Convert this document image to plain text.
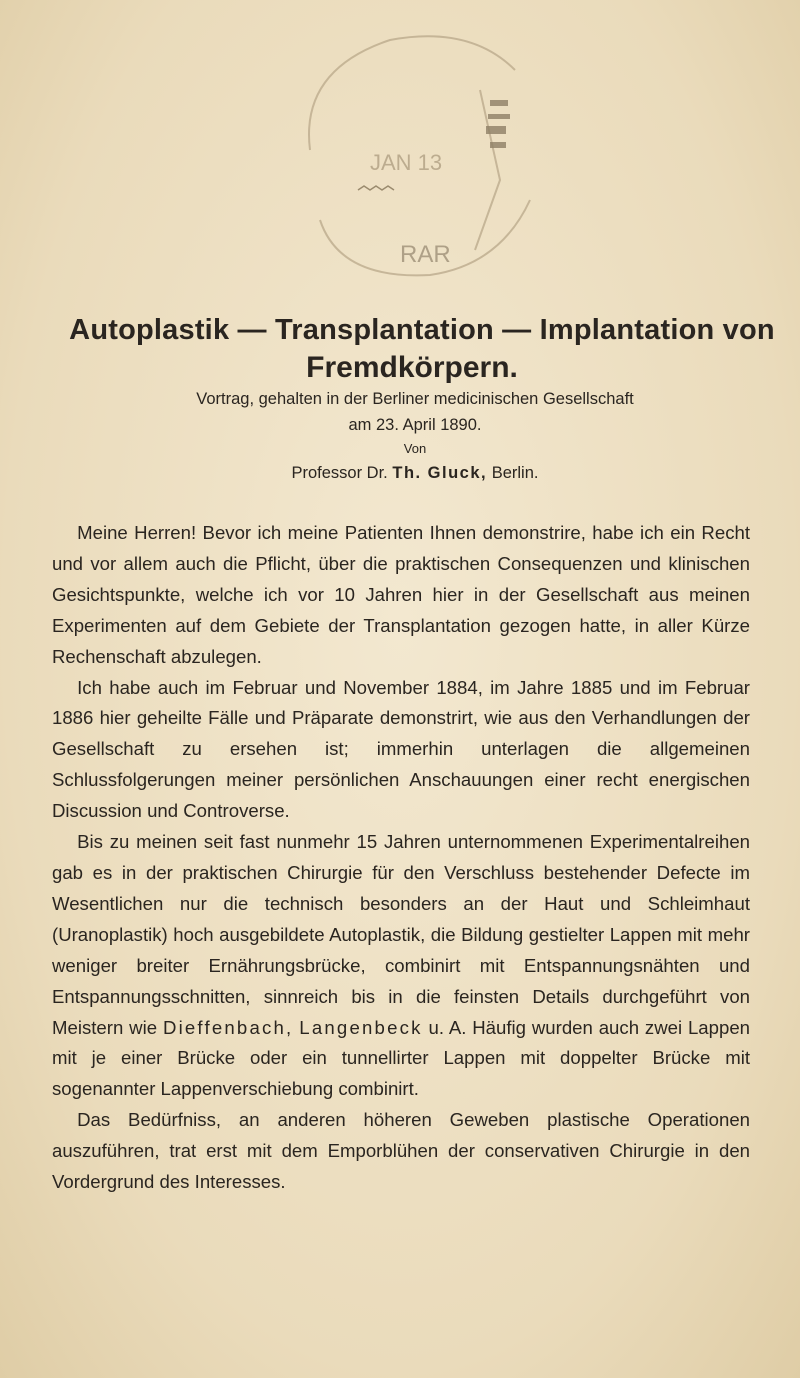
JAN 13
RAR
Autoplastik — Transplantation — Implantation von
Fremdkörpern.
Vortrag, gehalten in der Berliner medicinischen Gesellschaft
am 23. April 1890.
Von
Professor Dr. Th. Gluck, Berlin.

Meine Herren! Bevor ich meine Patienten Ihnen demonstrire, habe ich ein Recht und vor allem auch die Pflicht, über die praktischen Consequenzen und klinischen Gesichtspunkte, welche ich vor 10 Jahren hier in der Gesellschaft aus meinen Experimenten auf dem Gebiete der Transplantation gezogen hatte, in aller Kürze Rechenschaft abzulegen.

Ich habe auch im Februar und November 1884, im Jahre 1885 und im Februar 1886 hier geheilte Fälle und Präparate demonstrirt, wie aus den Verhandlungen der Gesellschaft zu ersehen ist; immerhin unterlagen die allgemeinen Schlussfolgerungen meiner persönlichen Anschauungen einer recht energischen Discussion und Controverse.

Bis zu meinen seit fast nunmehr 15 Jahren unternommenen Experimentalreihen gab es in der praktischen Chirurgie für den Verschluss bestehender Defecte im Wesentlichen nur die technisch besonders an der Haut und Schleimhaut (Uranoplastik) hoch ausgebildete Autoplastik, die Bildung gestielter Lappen mit mehr weniger breiter Ernährungsbrücke, combinirt mit Entspannungsnähten und Entspannungsschnitten, sinnreich bis in die feinsten Details durchgeführt von Meistern wie Dieffenbach, Langenbeck u. A. Häufig wurden auch zwei Lappen mit je einer Brücke oder ein tunnellirter Lappen mit doppelter Brücke mit sogenannter Lappenverschiebung combinirt.

Das Bedürfniss, an anderen höheren Geweben plastische Operationen auszuführen, trat erst mit dem Emporblühen der conservativen Chirurgie in den Vordergrund des Interesses.
